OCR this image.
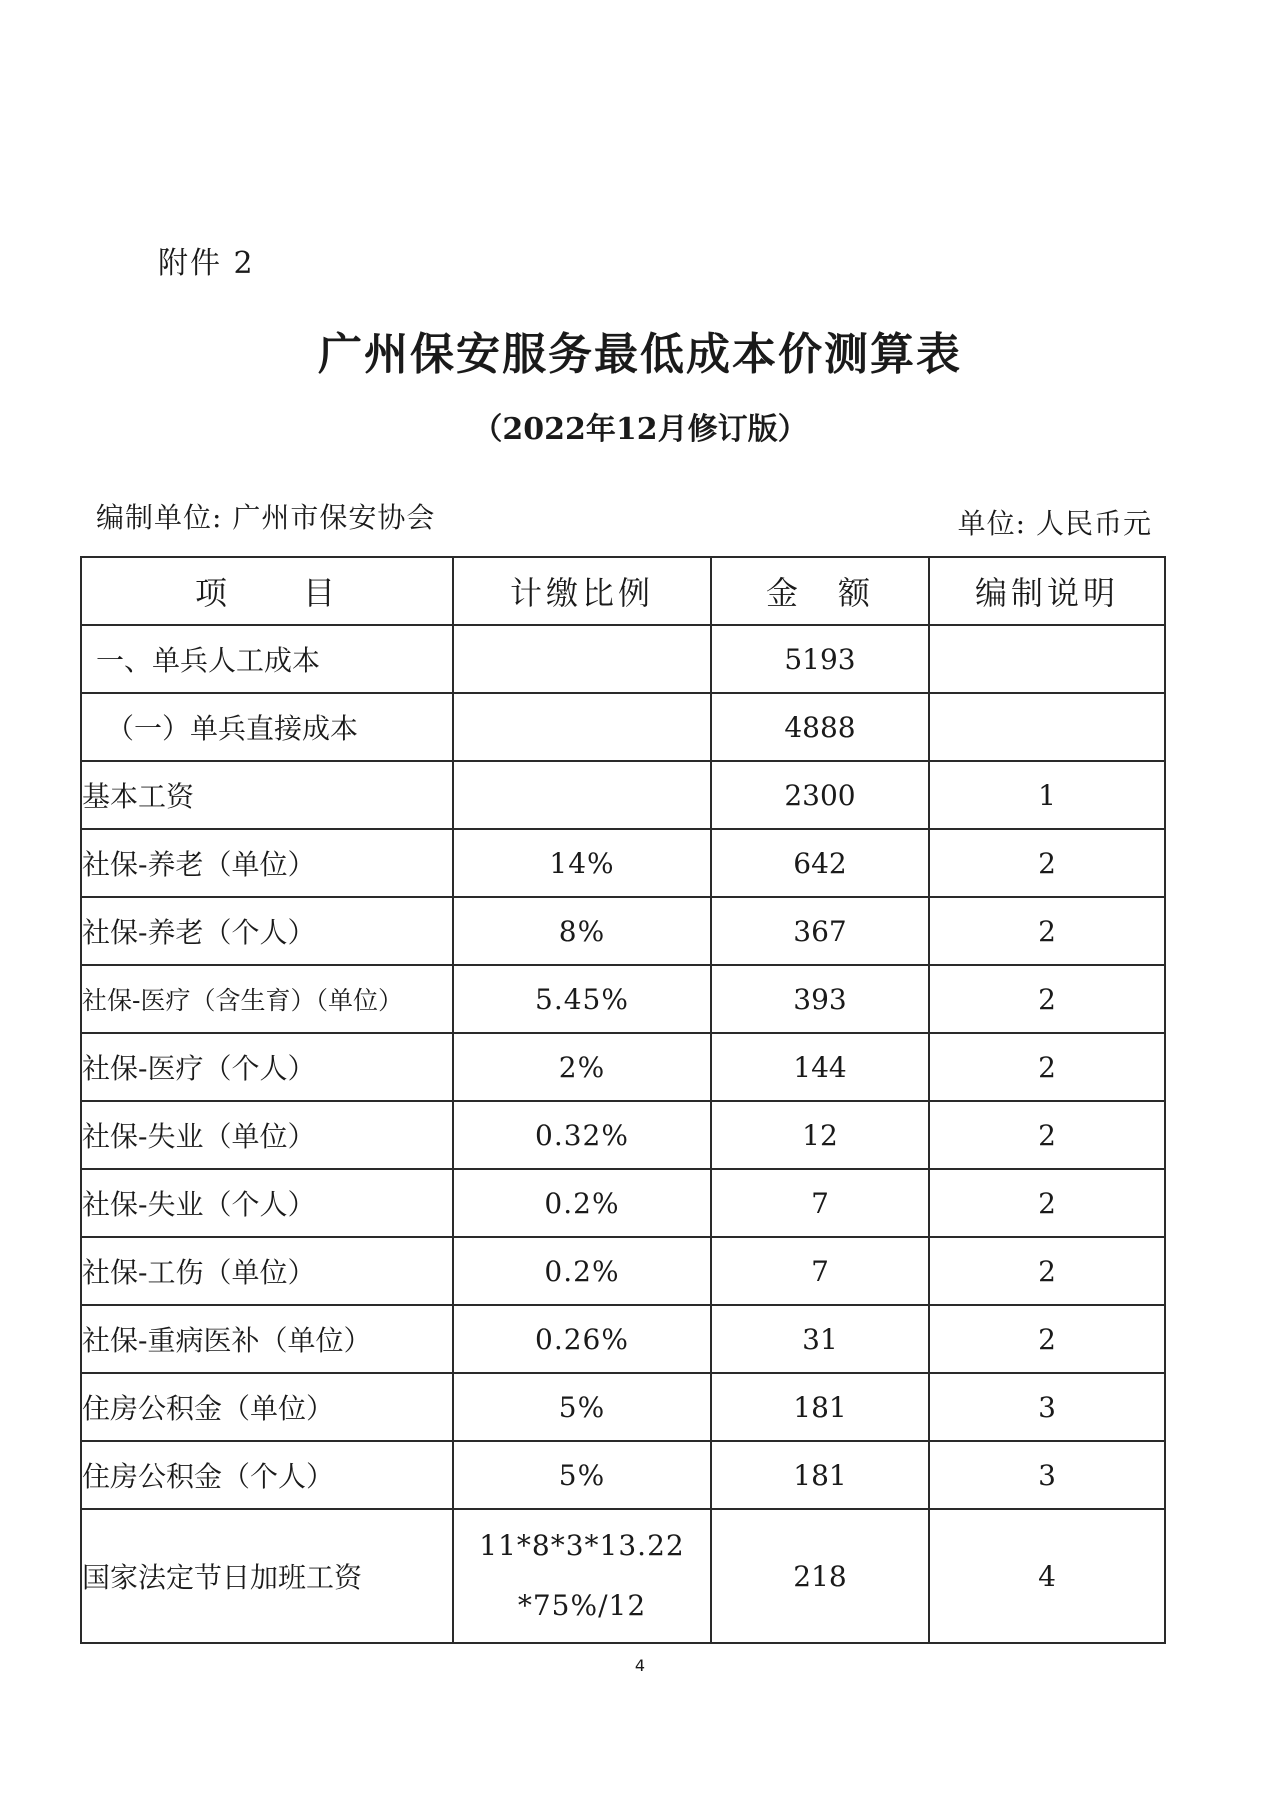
附件 2
广州保安服务最低成本价测算表
（2022年12月修订版）
编制单位: 广州市保安协会	单位: 人民币元
项　　目	计缴比例	金　额	编制说明
一、单兵人工成本		5193	
（一）单兵直接成本		4888	
基本工资		2300	1
社保-养老（单位）	14%	642	2
社保-养老（个人）	8%	367	2
社保-医疗（含生育）（单位）	5.45%	393	2
社保-医疗（个人）	2%	144	2
社保-失业（单位）	0.32%	12	2
社保-失业（个人）	0.2%	7	2
社保-工伤（单位）	0.2%	7	2
社保-重病医补（单位）	0.26%	31	2
住房公积金（单位）	5%	181	3
住房公积金（个人）	5%	181	3
国家法定节日加班工资	11*8*3*13.22*75%/12	218	4
4
